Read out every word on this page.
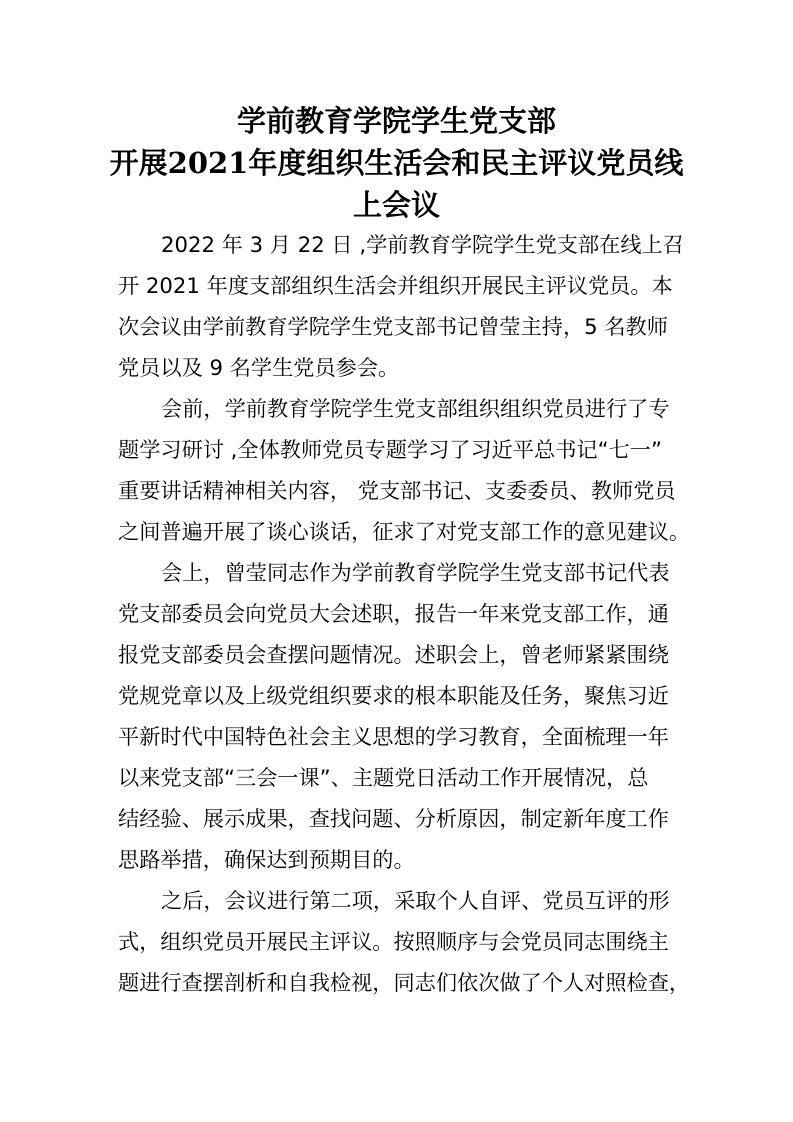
学前教育学院学生党支部
开展2021年度组织生活会和民主评议党员线
上会议
2022 年 3 月 22 日 ,学前教育学院学生党支部在线上召
开 2021 年度支部组织生活会并组织开展民主评议党员。本
次会议由学前教育学院学生党支部书记曾莹主持，5 名教师
党员以及 9 名学生党员参会。
会前，学前教育学院学生党支部组织组织党员进行了专
题学习研讨 ,全体教师党员专题学习了习近平总书记“七一”
重要讲话精神相关内容， 党支部书记、支委委员、教师党员
之间普遍开展了谈心谈话，征求了对党支部工作的意见建议。
会上，曾莹同志作为学前教育学院学生党支部书记代表
党支部委员会向党员大会述职，报告一年来党支部工作，通
报党支部委员会查摆问题情况。述职会上，曾老师紧紧围绕
党规党章以及上级党组织要求的根本职能及任务，聚焦习近
平新时代中国特色社会主义思想的学习教育，全面梳理一年
以来党支部“三会一课”、主题党日活动工作开展情况，总
结经验、展示成果，查找问题、分析原因，制定新年度工作
思路举措，确保达到预期目的。
之后，会议进行第二项，采取个人自评、党员互评的形
式，组织党员开展民主评议。按照顺序与会党员同志围绕主
题进行查摆剖析和自我检视，同志们依次做了个人对照检查，
